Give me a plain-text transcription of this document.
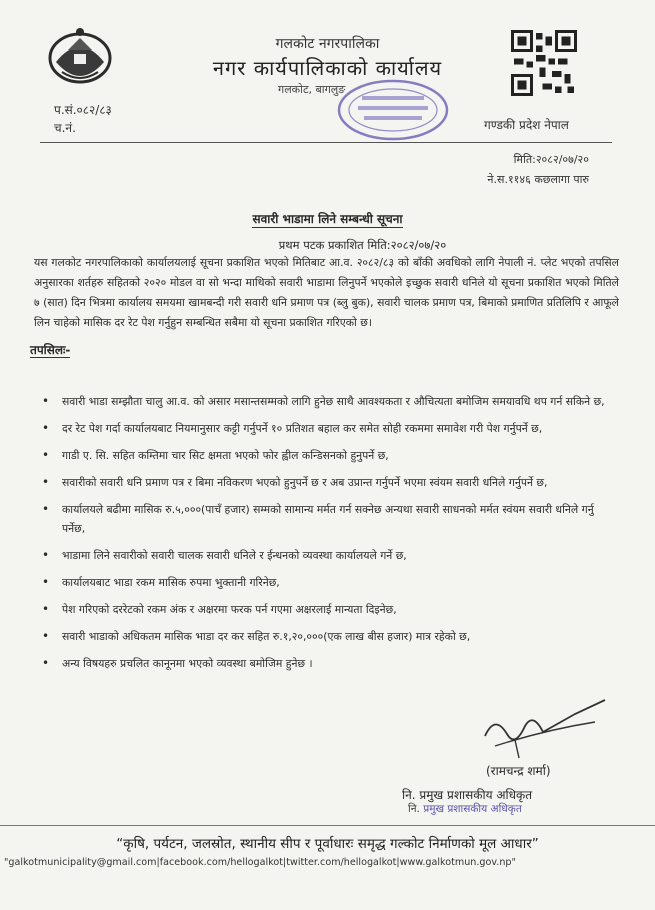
गलकोट नगरपालिका
नगर कार्यपालिकाको कार्यालय
गलकोट, बागलुङ
गण्डकी प्रदेश नेपाल
प.सं.०८२/८३
च.नं.
मिति:२०८२/०७/२०
ने.स.११४६ कछलागा पारु
सवारी भाडामा लिने सम्बन्धी सूचना
प्रथम पटक प्रकाशित मिति:२०८२/०७/२०
यस गलकोट नगरपालिकाको कार्यालयलाई सूचना प्रकाशित भएको मितिबाट आ.व. २०८२/८३ को बाँकी अवधिको लागि नेपाली नं. प्लेट भएको तपसिल अनुसारका शर्तहरु सहितको २०२० मोडल वा सो भन्दा माथिको सवारी भाडामा लिनुपर्ने भएकोले इच्छुक सवारी धनिले यो सूचना प्रकाशित भएको मितिले ७ (सात) दिन भित्रमा कार्यालय समयमा खामबन्दी गरी सवारी धनि प्रमाण पत्र (ब्लु बुक), सवारी चालक प्रमाण पत्र, बिमाको प्रमाणित प्रतिलिपि र आफूले लिन चाहेको मासिक दर रेट पेश गर्नुहुन सम्बन्धित सबैमा यो सूचना प्रकाशित गरिएको छ।
तपसिलः-
• सवारी भाडा सम्झौता चालु आ.व. को असार मसान्तसम्मको लागि हुनेछ साथै आवश्यकता र औचित्यता बमोजिम समयावधि थप गर्न सकिने छ,
• दर रेट पेश गर्दा कार्यालयबाट नियमानुसार कट्टी गर्नुपर्ने १० प्रतिशत बहाल कर समेत सोही रकममा समावेश गरी पेश गर्नुपर्ने छ,
• गाडी ए. सि. सहित कम्तिमा चार सिट क्षमता भएको फोर ह्वील कन्डिसनको हुनुपर्ने छ,
• सवारीको सवारी धनि प्रमाण पत्र र बिमा नविकरण भएको हुनुपर्ने छ र अब उप्रान्त गर्नुपर्ने भएमा स्वंयम सवारी धनिले गर्नुपर्ने छ,
• कार्यालयले बढीमा मासिक रु.५,०००(पाचँ हजार) सम्मको सामान्य मर्मत गर्न सक्नेछ अन्यथा सवारी साधनको मर्मत स्वंयम सवारी धनिले गर्नु पर्नेछ,
• भाडामा लिने सवारीको सवारी चालक सवारी धनिले र ईन्धनको व्यवस्था कार्यालयले गर्ने छ,
• कार्यालयबाट भाडा रकम मासिक रुपमा भुक्तानी गरिनेछ,
• पेश गरिएको दररेटको रकम अंक र अक्षरमा फरक पर्न गएमा अक्षरलाई मान्यता दिइनेछ,
• सवारी भाडाको अधिकतम मासिक भाडा दर कर सहित रु.१,२०,०००(एक लाख बीस हजार) मात्र रहेको छ,
• अन्य विषयहरु प्रचलित कानूनमा भएको व्यवस्था बमोजिम हुनेछ ।
(रामचन्द्र शर्मा)
नि. प्रमुख प्रशासकीय अधिकृत
नि. प्रमुख प्रशासकीय अधिकृत
“कृषि, पर्यटन, जलस्रोत, स्थानीय सीप र पूर्वाधारः समृद्ध गल्कोट निर्माणको मूल आधार”
"galkotmunicipality@gmail.com|facebook.com/hellogalkot|twitter.com/hellogalkot|www.galkotmun.gov.np"
